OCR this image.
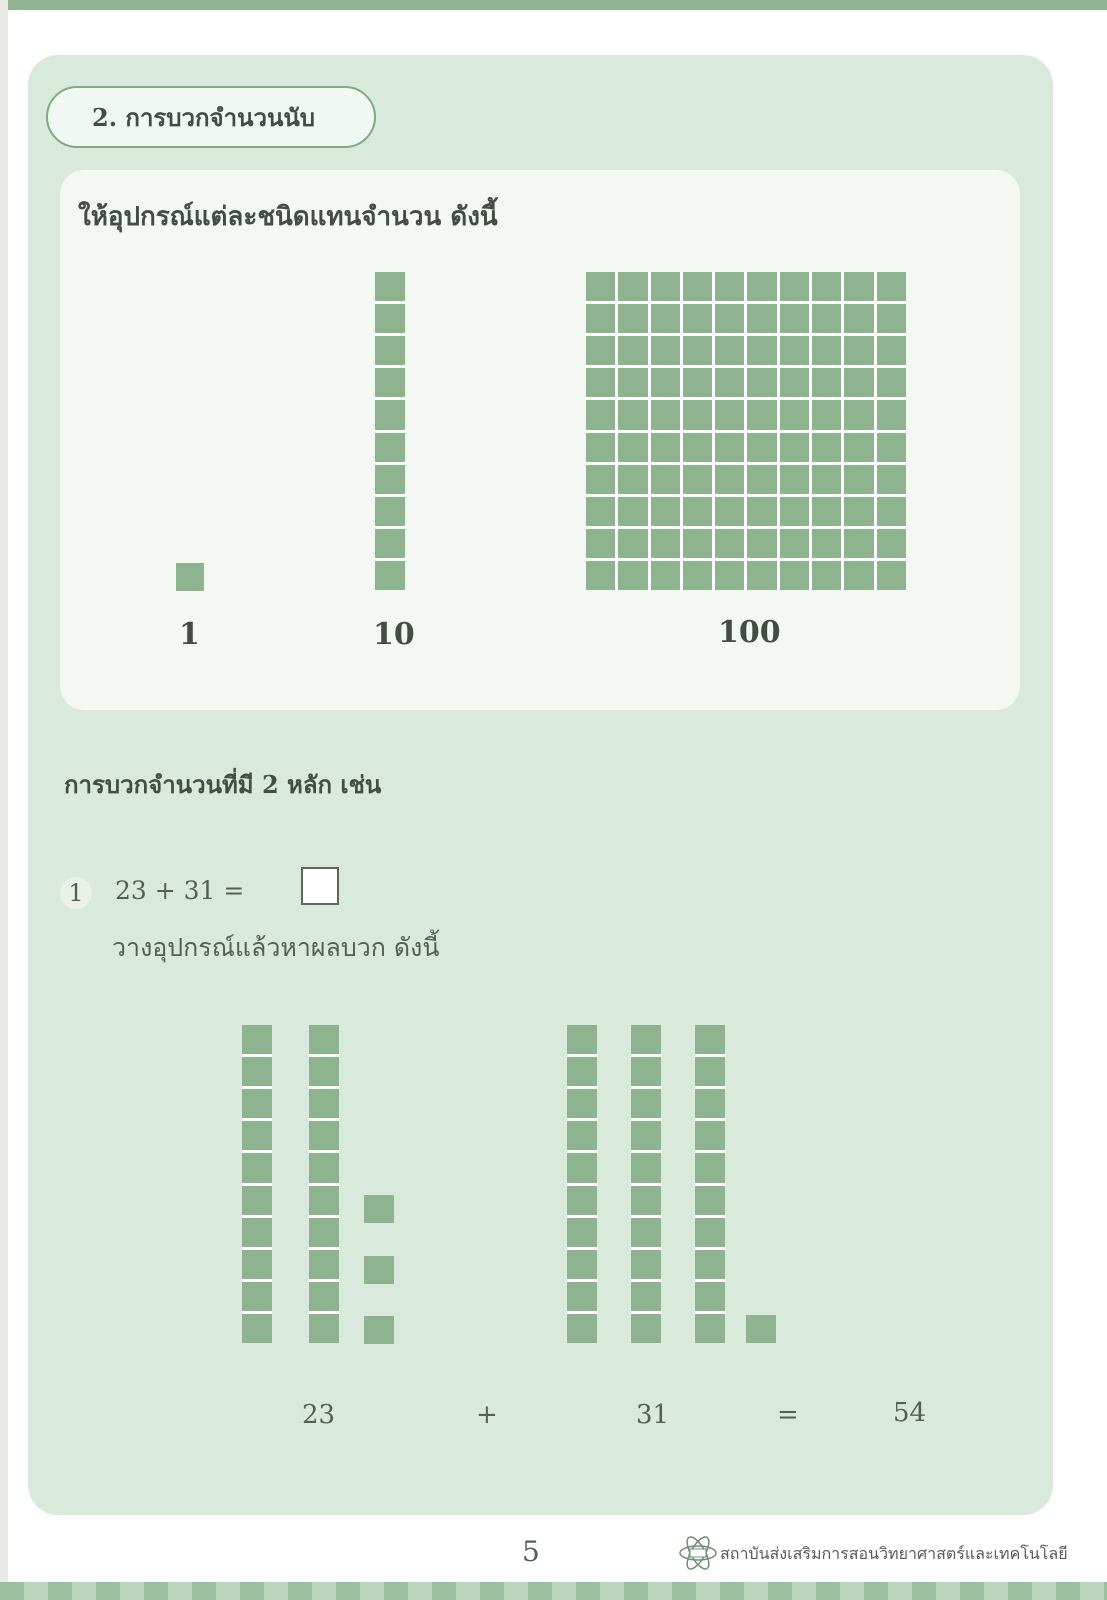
2. การบวกจำนวนนับ
ให้อุปกรณ์แต่ละชนิดแทนจำนวน ดังนี้
1	10	100
การบวกจำนวนที่มี 2 หลัก เช่น
1	23 + 31 =
วางอุปกรณ์แล้วหาผลบวก ดังนี้
23	+	31	=	54
5	สถาบันส่งเสริมการสอนวิทยาศาสตร์และเทคโนโลยี
